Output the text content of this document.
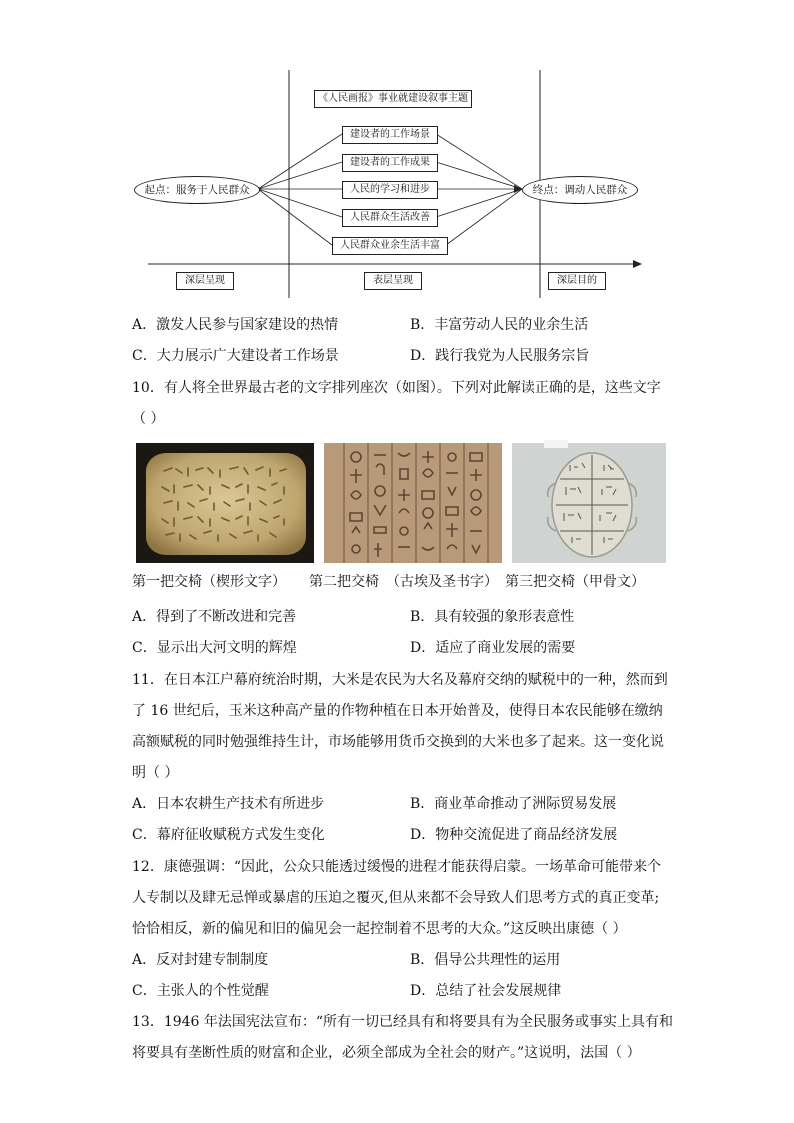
《人民画报》事业就建设叙事主题
起点：服务于人民群众	终点：调动人民群众
建设者的工作场景
建设者的工作成果
人民的学习和进步
人民群众生活改善
人民群众业余生活丰富
深层呈现	表层呈现	深层目的
A．激发人民参与国家建设的热情	B．丰富劳动人民的业余生活
C．大力展示广大建设者工作场景	D．践行我党为人民服务宗旨
10．有人将全世界最古老的文字排列座次（如图）。下列对此解读正确的是，这些文字
（ ）
第一把交椅（楔形文字） 第二把交椅　（古埃及圣书字） 第三把交椅（甲骨文）
A．得到了不断改进和完善	B．具有较强的象形表意性
C．显示出大河文明的辉煌	D．适应了商业发展的需要
11．在日本江户幕府统治时期，大米是农民为大名及幕府交纳的赋税中的一种，然而到
了 16 世纪后，玉米这种高产量的作物种植在日本开始普及，使得日本农民能够在缴纳
高额赋税的同时勉强维持生计，市场能够用货币交换到的大米也多了起来。这一变化说
明（ ）
A．日本农耕生产技术有所进步	B．商业革命推动了洲际贸易发展
C．幕府征收赋税方式发生变化	D．物种交流促进了商品经济发展
12．康德强调：“因此，公众只能透过缓慢的进程才能获得启蒙。一场革命可能带来个
人专制以及肆无忌惮或暴虐的压迫之覆灭,但从来都不会导致人们思考方式的真正变革;
恰恰相反，新的偏见和旧的偏见会一起控制着不思考的大众。”这反映出康德（ ）
A．反对封建专制制度	B．倡导公共理性的运用
C．主张人的个性觉醒	D．总结了社会发展规律
13．1946 年法国宪法宣布：“所有一切已经具有和将要具有为全民服务或事实上具有和
将要具有垄断性质的财富和企业，必须全部成为全社会的财产。”这说明，法国（ ）
